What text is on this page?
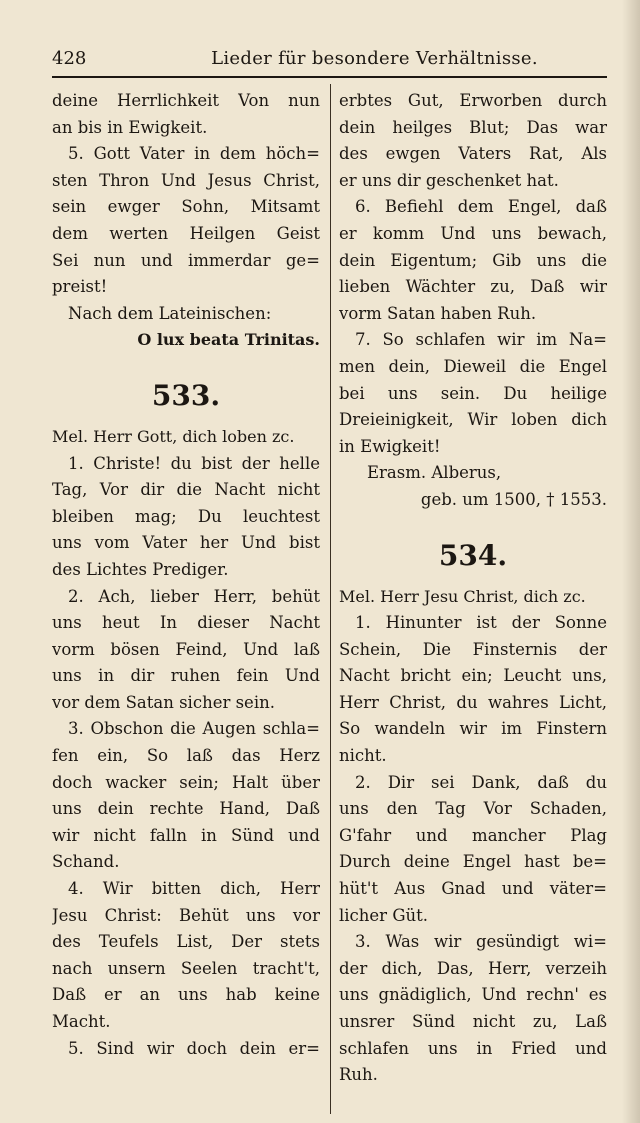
428	Lieder für besondere Verhältnisse.
deine Herrlichkeit Von nun
an bis in Ewigkeit.
5. Gott Vater in dem höch=
sten Thron Und Jesus Christ,
sein ewger Sohn, Mitsamt
dem werten Heilgen Geist
Sei nun und immerdar ge=
preist!
Nach dem Lateinischen:
O lux beata Trinitas.
533.
Mel. Herr Gott, dich loben zc.
1. Christe! du bist der helle
Tag, Vor dir die Nacht nicht
bleiben mag; Du leuchtest
uns vom Vater her Und bist
des Lichtes Prediger.
2. Ach, lieber Herr, behüt
uns heut In dieser Nacht
vorm bösen Feind, Und laß
uns in dir ruhen fein Und
vor dem Satan sicher sein.
3. Obschon die Augen schla=
fen ein, So laß das Herz
doch wacker sein; Halt über
uns dein rechte Hand, Daß
wir nicht falln in Sünd und
Schand.
4. Wir bitten dich, Herr
Jesu Christ: Behüt uns vor
des Teufels List, Der stets
nach unsern Seelen tracht't,
Daß er an uns hab keine
Macht.
5. Sind wir doch dein er=
erbtes Gut, Erworben durch
dein heilges Blut; Das war
des ewgen Vaters Rat, Als
er uns dir geschenket hat.
6. Befiehl dem Engel, daß
er komm Und uns bewach,
dein Eigentum; Gib uns die
lieben Wächter zu, Daß wir
vorm Satan haben Ruh.
7. So schlafen wir im Na=
men dein, Dieweil die Engel
bei uns sein. Du heilige
Dreieinigkeit, Wir loben dich
in Ewigkeit!
Erasm. Alberus,
geb. um 1500, † 1553.
534.
Mel. Herr Jesu Christ, dich zc.
1. Hinunter ist der Sonne
Schein, Die Finsternis der
Nacht bricht ein; Leucht uns,
Herr Christ, du wahres Licht,
So wandeln wir im Finstern
nicht.
2. Dir sei Dank, daß du
uns den Tag Vor Schaden,
G'fahr und mancher Plag
Durch deine Engel hast be=
hüt't Aus Gnad und väter=
licher Güt.
3. Was wir gesündigt wi=
der dich, Das, Herr, verzeih
uns gnädiglich, Und rechn' es
unsrer Sünd nicht zu, Laß
schlafen uns in Fried und
Ruh.
